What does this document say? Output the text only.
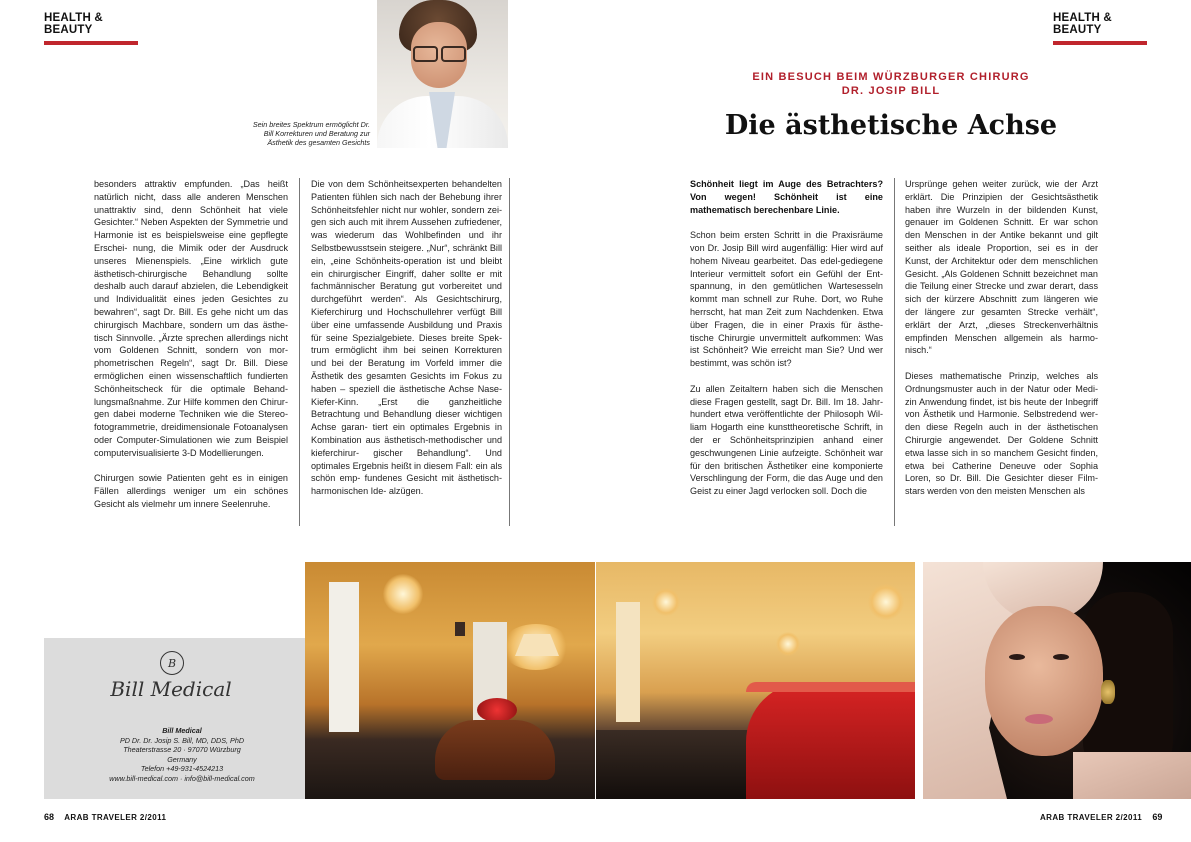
HEALTH & BEAUTY
HEALTH & BEAUTY
Sein breites Spektrum ermöglicht Dr. Bill Korrekturen und Beratung zur Ästhetik des gesamten Gesichts
EIN BESUCH BEIM WÜRZBURGER CHIRURG
DR. JOSIP BILL
Die ästhetische Achse

besonders attraktiv empfunden. „Das heißt natürlich nicht, dass alle anderen Menschen unattraktiv sind, denn Schönheit hat viele Gesichter.“ Neben Aspekten der Symmetrie und Harmonie ist es beispielsweise eine gepflegte Erschei- nung, die Mimik oder der Ausdruck unseres Mienenspiels. „Eine wirklich gute ästhetisch-chirurgische Behandlung sollte deshalb auch darauf abzielen, die Lebendigkeit und Individualität eines jeden Gesichtes zu bewahren“, sagt Dr. Bill. Es gehe nicht um das chirurgisch Machbare, sondern um das ästhe- tisch Sinnvolle. „Ärzte sprechen allerdings nicht vom Goldenen Schnitt, sondern von mor- phometrischen Regeln“, sagt Dr. Bill. Diese ermöglichen einen wissenschaftlich fundierten Schönheitscheck für die optimale Behand- lungsmaßnahme. Zur Hilfe kommen den Chirur- gen dabei moderne Techniken wie die Stereo- fotogrammetrie, dreidimensionale Fotoanalysen oder Computer-Simulationen wie zum Beispiel computervisualisierte 3-D Modellierungen.

Chirurgen sowie Patienten geht es in einigen Fällen allerdings weniger um ein schönes Gesicht als vielmehr um innere Seelenruhe.

Die von dem Schönheitsexperten behandelten Patienten fühlen sich nach der Behebung ihrer Schönheitsfehler nicht nur wohler, sondern zei- gen sich auch mit ihrem Aussehen zufriedener, was wiederum das Wohlbefinden und ihr Selbstbewusstsein steigere. „Nur“, schränkt Bill ein, „eine Schönheits-operation ist und bleibt ein chirurgischer Eingriff, daher sollte er mit fachmännischer Beratung gut vorbereitet und durchgeführt werden“. Als Gesichtschirurg, Kieferchirurg und Hochschullehrer verfügt Bill über eine umfassende Ausbildung und Praxis für seine Spezialgebiete. Dieses breite Spek- trum ermöglicht ihm bei seinen Korrekturen und bei der Beratung im Vorfeld immer die Ästhetik des gesamten Gesichts im Fokus zu haben – speziell die ästhetische Achse Nase- Kiefer-Kinn. „Erst die ganzheitliche Betrachtung und Behandlung dieser wichtigen Achse garan- tiert ein optimales Ergebnis in Kombination aus ästhetisch-methodischer und kieferchirur- gischer Behandlung“. Und optimales Ergebnis heißt in diesem Fall: ein als schön emp- fundenes Gesicht mit ästhetisch-harmonischen Ide- alzügen.

Schönheit liegt im Auge des Betrachters? Von wegen! Schönheit ist eine mathematisch berechenbare Linie.

Schon beim ersten Schritt in die Praxisräume von Dr. Josip Bill wird augenfällig: Hier wird auf hohem Niveau gearbeitet. Das edel-gediegene Interieur vermittelt sofort ein Gefühl der Ent- spannung, in den gemütlichen Wartesesseln kommt man schnell zur Ruhe. Dort, wo Ruhe herrscht, hat man Zeit zum Nachdenken. Etwa über Fragen, die in einer Praxis für ästhe- tische Chirurgie unvermittelt aufkommen: Was ist Schönheit? Wie erreicht man Sie? Und wer bestimmt, was schön ist?

Zu allen Zeitaltern haben sich die Menschen diese Fragen gestellt, sagt Dr. Bill. Im 18. Jahr- hundert etwa veröffentlichte der Philosoph Wil- liam Hogarth eine kunsttheoretische Schrift, in der er Schönheitsprinzipien anhand einer geschwungenen Linie aufzeigte. Schönheit war für den britischen Ästhetiker eine komponierte Verschlingung der Form, die das Auge und den Geist zu einer Jagd verlocken soll. Doch die

Ursprünge gehen weiter zurück, wie der Arzt erklärt. Die Prinzipien der Gesichtsästhetik haben ihre Wurzeln in der bildenden Kunst, genauer im Goldenen Schnitt. Er war schon den Menschen in der Antike bekannt und gilt seither als ideale Proportion, sei es in der Kunst, der Architektur oder dem menschlichen Gesicht. „Als Goldenen Schnitt bezeichnet man die Teilung einer Strecke und zwar derart, dass sich der kürzere Abschnitt zum längeren wie der längere zur gesamten Strecke verhält“, erklärt der Arzt, „dieses Streckenverhältnis empfinden Menschen allgemein als harmo- nisch.“

Dieses mathematische Prinzip, welches als Ordnungsmuster auch in der Natur oder Medi- zin Anwendung findet, ist bis heute der Inbegriff von Ästhetik und Harmonie. Selbstredend wer- den diese Regeln auch in der ästhetischen Chirurgie angewendet. Der Goldene Schnitt etwa lasse sich in so manchem Gesicht finden, etwa bei Catherine Deneuve oder Sophia Loren, so Dr. Bill. Die Gesichter dieser Film- stars werden von den meisten Menschen als

B
Bill Medical
Bill Medical
PD Dr. Dr. Josip S. Bill, MD, DDS, PhD
Theaterstrasse 20 · 97070 Würzburg
Germany
Telefon +49-931-4524213
www.bill-medical.com · info@bill-medical.com
68 ARAB TRAVELER 2/2011	ARAB TRAVELER 2/2011 69
